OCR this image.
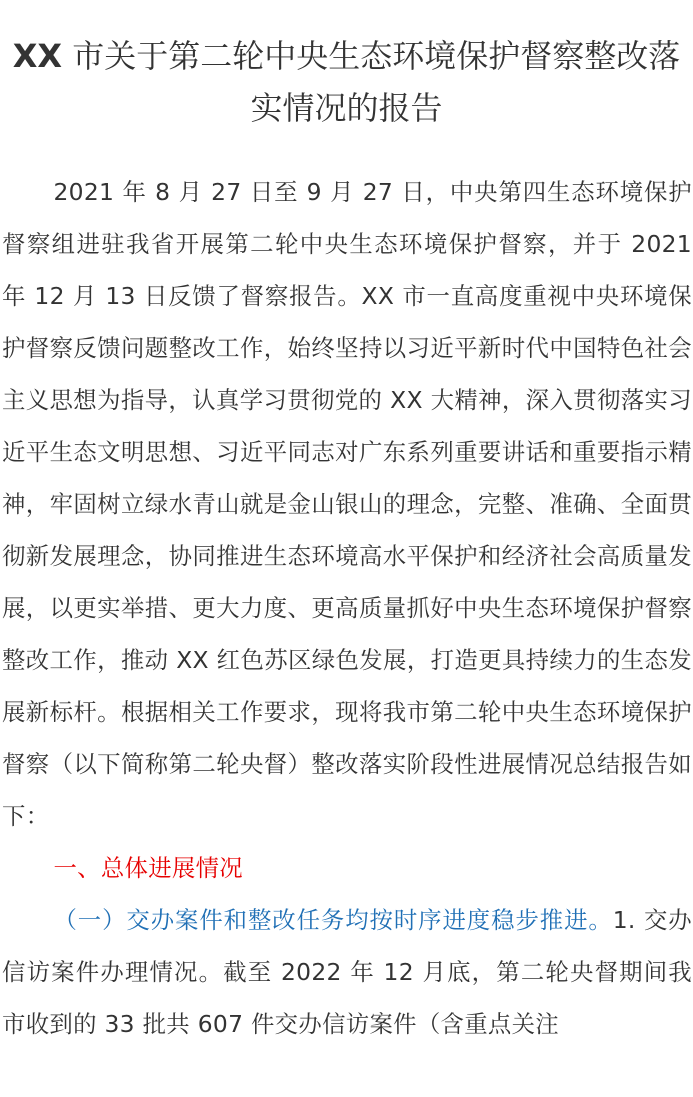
XX 市关于第二轮中央生态环境保护督察整改落实情况的报告

2021 年 8 月 27 日至 9 月 27 日，中央第四生态环境保护督察组进驻我省开展第二轮中央生态环境保护督察，并于 2021 年 12 月 13 日反馈了督察报告。XX 市一直高度重视中央环境保护督察反馈问题整改工作，始终坚持以习近平新时代中国特色社会主义思想为指导，认真学习贯彻党的 XX 大精神，深入贯彻落实习近平生态文明思想、习近平同志对广东系列重要讲话和重要指示精神，牢固树立绿水青山就是金山银山的理念，完整、准确、全面贯彻新发展理念，协同推进生态环境高水平保护和经济社会高质量发展，以更实举措、更大力度、更高质量抓好中央生态环境保护督察整改工作，推动 XX 红色苏区绿色发展，打造更具持续力的生态发展新标杆。根据相关工作要求，现将我市第二轮中央生态环境保护督察（以下简称第二轮央督）整改落实阶段性进展情况总结报告如下：

一、总体进展情况

（一）交办案件和整改任务均按时序进度稳步推进。1. 交办信访案件办理情况。截至 2022 年 12 月底，第二轮央督期间我市收到的 33 批共 607 件交办信访案件（含重点关注
